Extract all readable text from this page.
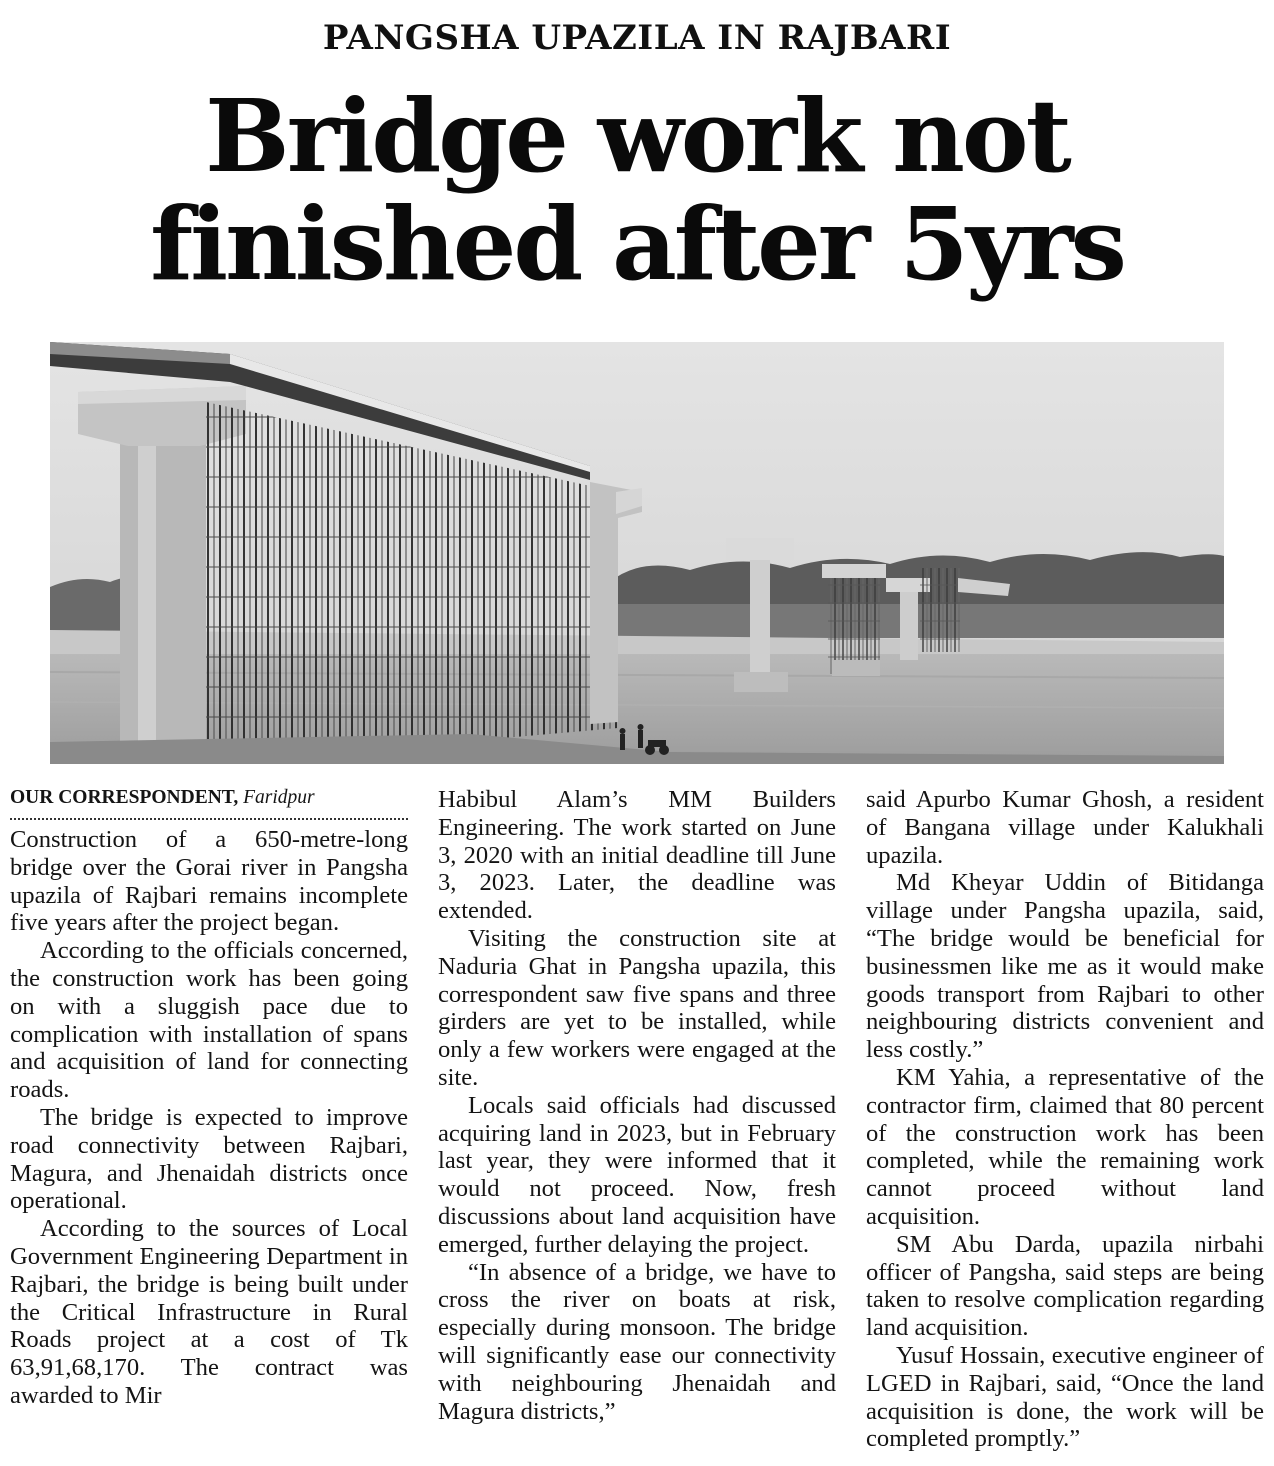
PANGSHA UPAZILA IN RAJBARI
Bridge work not
finished after 5yrs

OUR CORRESPONDENT, Faridpur

Construction of a 650-metre-long bridge over the Gorai river in Pangsha upazila of Rajbari remains incomplete five years after the project began.

According to the officials concerned, the construction work has been going on with a sluggish pace due to complication with installation of spans and acquisition of land for connecting roads.

The bridge is expected to improve road connectivity between Rajbari, Magura, and Jhenaidah districts once operational.

According to the sources of Local Government Engineering Department in Rajbari, the bridge is being built under the Critical Infrastructure in Rural Roads project at a cost of Tk 63,91,68,170. The contract was awarded to Mir

Habibul Alam’s MM Builders Engineering. The work started on June 3, 2020 with an initial deadline till June 3, 2023. Later, the deadline was extended.

Visiting the construction site at Naduria Ghat in Pangsha upazila, this correspondent saw five spans and three girders are yet to be installed, while only a few workers were engaged at the site.

Locals said officials had discussed acquiring land in 2023, but in February last year, they were informed that it would not proceed. Now, fresh discussions about land acquisition have emerged, further delaying the project.

“In absence of a bridge, we have to cross the river on boats at risk, especially during monsoon. The bridge will significantly ease our connectivity with neighbouring Jhenaidah and Magura districts,”

said Apurbo Kumar Ghosh, a resident of Bangana village under Kalukhali upazila.

Md Kheyar Uddin of Bitidanga village under Pangsha upazila, said, “The bridge would be beneficial for businessmen like me as it would make goods transport from Rajbari to other neighbouring districts convenient and less costly.”

KM Yahia, a representative of the contractor firm, claimed that 80 percent of the construction work has been completed, while the remaining work cannot proceed without land acquisition.

SM Abu Darda, upazila nirbahi officer of Pangsha, said steps are being taken to resolve complication regarding land acquisition.

Yusuf Hossain, executive engineer of LGED in Rajbari, said, “Once the land acquisition is done, the work will be completed promptly.”
